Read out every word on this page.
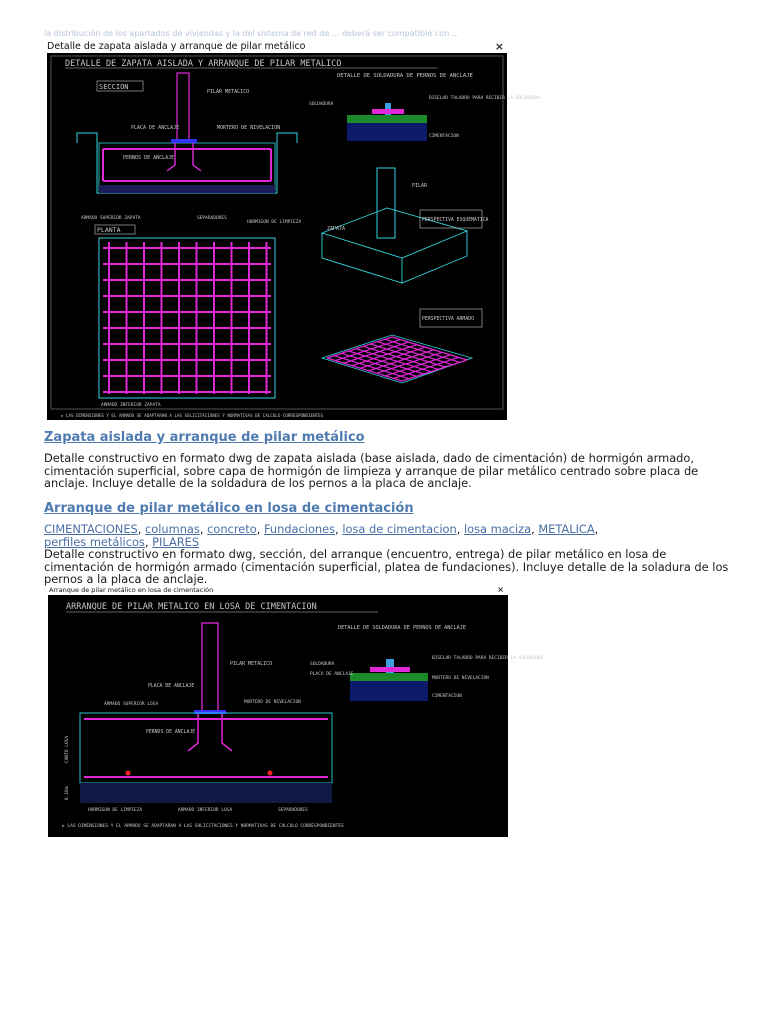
la distribución de los apartados de viviendas y la del sistema de red de ... deberá ser compatible con ...
Detalle de zapata aislada y arranque de pilar metálico	×
DETALLE DE ZAPATA AISLADA Y ARRANQUE DE PILAR METALICO
SECCION
PILAR METALICO
PLACA DE ANCLAJE	MORTERO DE NIVELACION
PERNOS DE ANCLAJE
ARMADO SUPERIOR ZAPATA	SEPARADORES
HORMIGON DE LIMPIEZA
DETALLE DE SOLDADURA DE PERNOS DE ANCLAJE
SOLDADURA
BISELAR TALADRO PARA RECIBIR LA SOLDADURA
CIMENTACION
PILAR
ZAPATA
PERSPECTIVA ESQUEMATICA
PLANTA
ARMADO INFERIOR ZAPATA
PERSPECTIVA ARMADO
► LAS DIMENSIONES Y EL ARMADO SE ADAPTARAN A LAS SOLICITACIONES Y NORMATIVAS DE CALCULO CORRESPONDIENTES
Zapata aislada y arranque de pilar metálico
Detalle constructivo en formato dwg de zapata aislada (base aislada, dado de cimentación) de hormigón armado, cimentación superficial, sobre capa de hormigón de limpieza y arranque de pilar metálico centrado sobre placa de anclaje. Incluye detalle de la soldadura de los pernos a la placa de anclaje.
Arranque de pilar metálico en losa de cimentación
CIMENTACIONES, columnas, concreto, Fundaciones, losa de cimentacion, losa maciza, METALICA, perfiles metálicos, PILARES
Detalle constructivo en formato dwg, sección, del arranque (encuentro, entrega) de pilar metálico en losa de cimentación de hormigón armado (cimentación superficial, platea de fundaciones). Incluye detalle de la soladura de los pernos a la placa de anclaje.
Arranque de pilar metálico en losa de cimentación	×
ARRANQUE DE PILAR METALICO EN LOSA DE CIMENTACION
DETALLE DE SOLDADURA DE PERNOS DE ANCLAJE
SOLDADURA
PLACA DE ANCLAJE
BISELAR TALADRO PARA RECIBIR LA SOLDADURA
MORTERO DE NIVELACION
CIMENTACION
PILAR METALICO
PLACA DE ANCLAJE
ARMADO SUPERIOR LOSA	MORTERO DE NIVELACION
PERNOS DE ANCLAJE
CANTO LOSA
0.10m
HORMIGON DE LIMPIEZA	ARMADO INFERIOR LOSA	SEPARADORES
► LAS DIMENSIONES Y EL ARMADO SE ADAPTARAN A LAS SOLICITACIONES Y NORMATIVAS DE CALCULO CORRESPONDIENTES
